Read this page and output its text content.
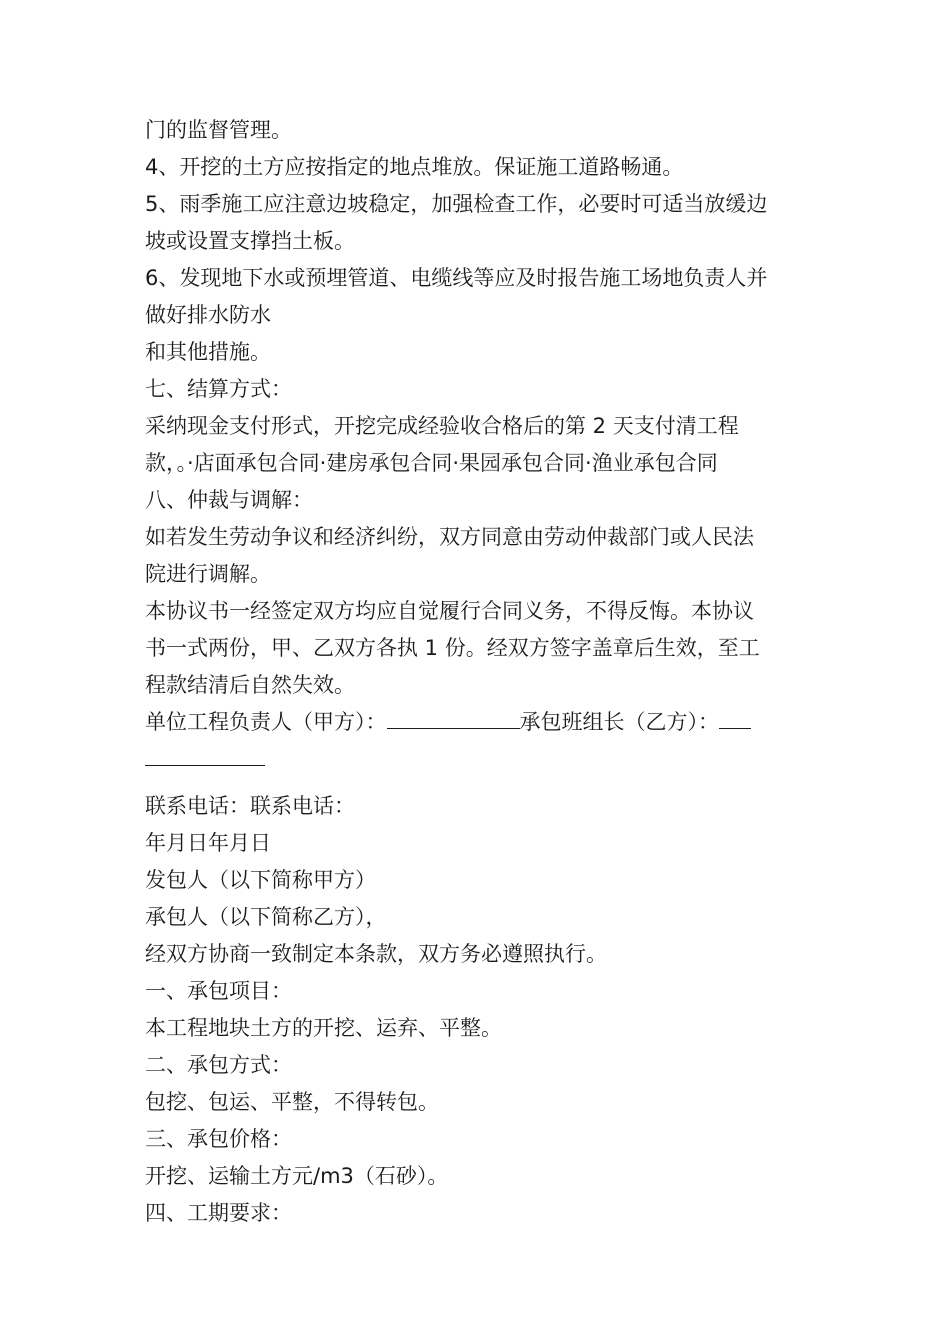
门的监督管理。
4、开挖的土方应按指定的地点堆放。保证施工道路畅通。
5、雨季施工应注意边坡稳定，加强检查工作，必要时可适当放缓边
坡或设置支撑挡土板。
6、发现地下水或预埋管道、电缆线等应及时报告施工场地负责人并
做好排水防水
和其他措施。
七、结算方式：
采纳现金支付形式，开挖完成经验收合格后的第 2 天支付清工程
款，。·店面承包合同·建房承包合同·果园承包合同·渔业承包合同
八、仲裁与调解：
如若发生劳动争议和经济纠纷，双方同意由劳动仲裁部门或人民法
院进行调解。
本协议书一经签定双方均应自觉履行合同义务，不得反悔。本协议
书一式两份，甲、乙双方各执 1 份。经双方签字盖章后生效，至工
程款结清后自然失效。
单位工程负责人（甲方）：	承包班组长（乙方）：
联系电话：联系电话：
年月日年月日
发包人（以下简称甲方）
承包人（以下简称乙方），
经双方协商一致制定本条款，双方务必遵照执行。
一、承包项目：
本工程地块土方的开挖、运弃、平整。
二、承包方式：
包挖、包运、平整，不得转包。
三、承包价格：
开挖、运输土方元/m3（石砂）。
四、工期要求：
